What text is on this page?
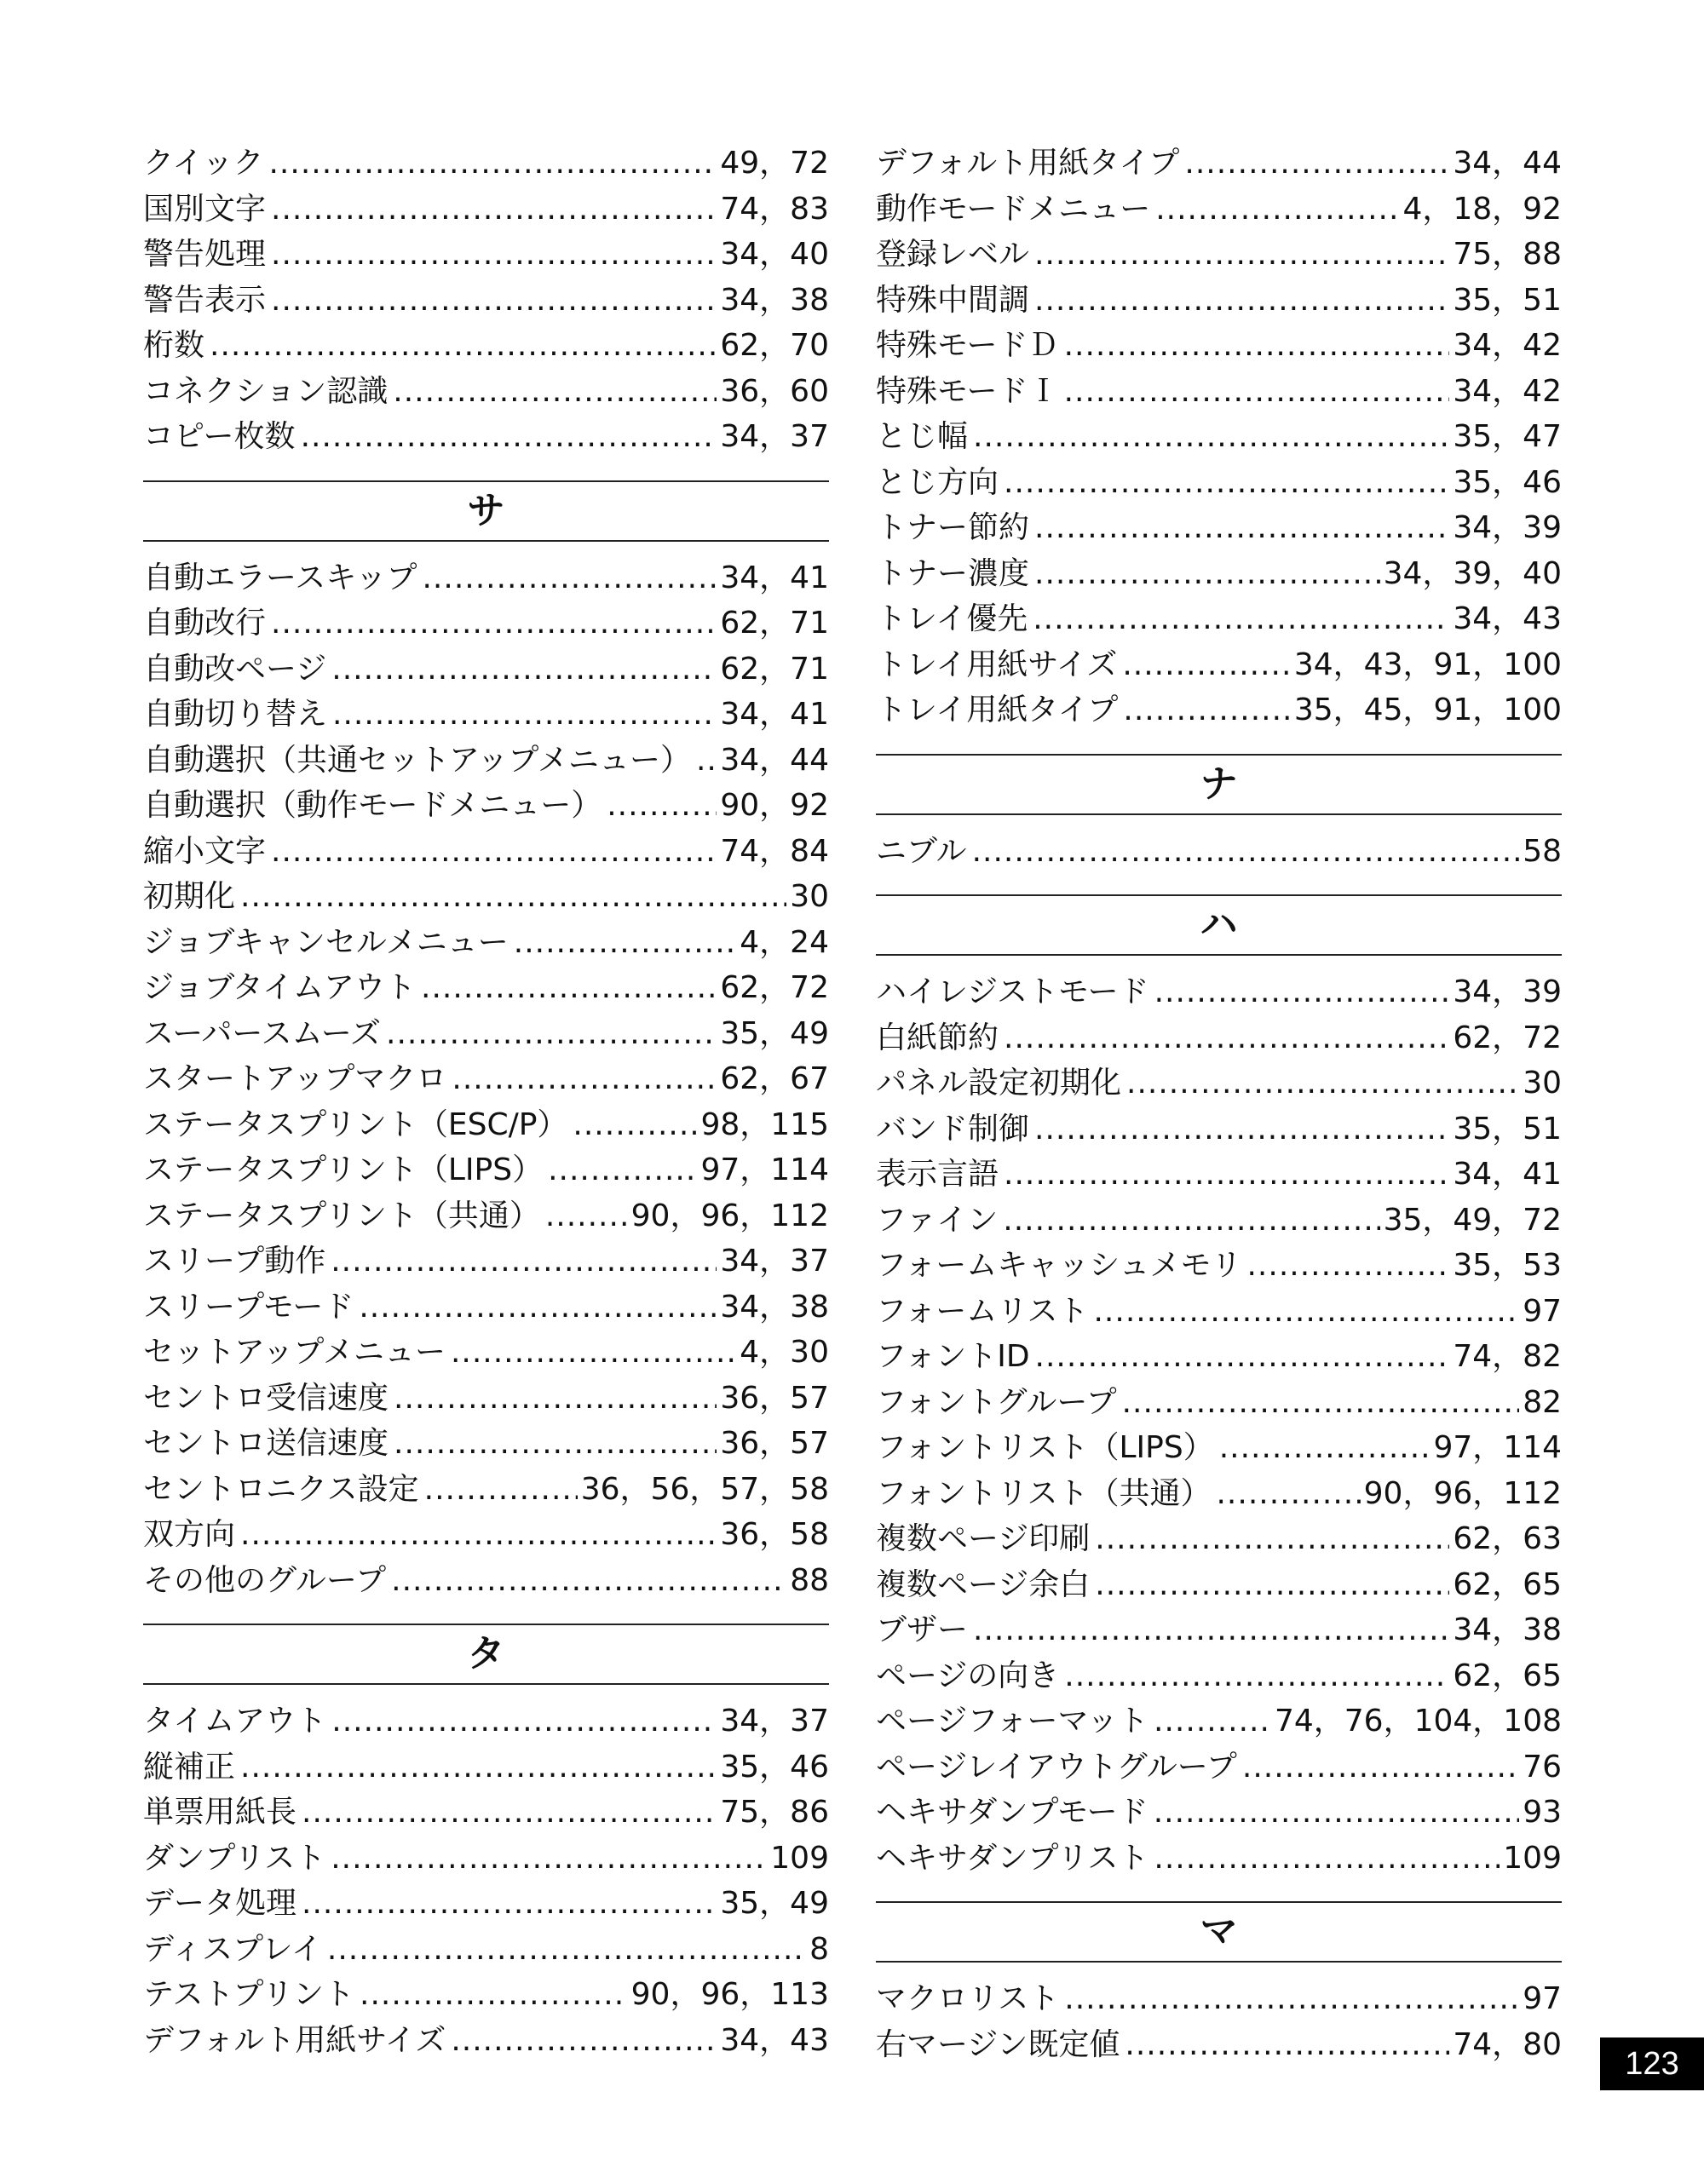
クイック .....	49，72
国別文字 .....	74，83
警告処理 .....	34，40
警告表示 .....	34，38
桁数 .....	62，70
コネクション認識 .....	36，60
コピー枚数 .....	34，37
サ
自動エラースキップ .....	34，41
自動改行 .....	62，71
自動改ページ .....	62，71
自動切り替え .....	34，41
自動選択（共通セットアップメニュー） ..... 34，44
自動選択（動作モードメニュー） .....	90，92
縮小文字 .....	74，84
初期化 .....	30
ジョブキャンセルメニュー .....	4，24
ジョブタイムアウト .....	62，72
スーパースムーズ .....	35，49
スタートアップマクロ .....	62，67
ステータスプリント（ESC/P） .....	98，115
ステータスプリント（LIPS） .....	97，114
ステータスプリント（共通） .....	90，96，112
スリープ動作 .....	34，37
スリープモード .....	34，38
セットアップメニュー .....	4，30
セントロ受信速度 .....	36，57
セントロ送信速度 .....	36，57
セントロニクス設定 .....	36，56，57，58
双方向 .....	36，58
その他のグループ .....	88
タ
タイムアウト .....	34，37
縦補正 .....	35，46
単票用紙長 .....	75，86
ダンプリスト .....	109
データ処理 .....	35，49
ディスプレイ .....	8
テストプリント .....	90，96，113
デフォルト用紙サイズ .....	34，43
デフォルト用紙タイプ .....	34，44
動作モードメニュー .....	4，18，92
登録レベル .....	75，88
特殊中間調 .....	35，51
特殊モードＤ .....	34，42
特殊モードＩ .....	34，42
とじ幅 .....	35，47
とじ方向 .....	35，46
トナー節約 .....	34，39
トナー濃度 .....	34，39，40
トレイ優先 .....	34，43
トレイ用紙サイズ .....	34，43，91，100
トレイ用紙タイプ .....	35，45，91，100
ナ
ニブル .....	58
ハ
ハイレジストモード .....	34，39
白紙節約 .....	62，72
パネル設定初期化 .....	30
バンド制御 .....	35，51
表示言語 .....	34，41
ファイン .....	35，49，72
フォームキャッシュメモリ .....	35，53
フォームリスト .....	97
フォントID .....	74，82
フォントグループ .....	82
フォントリスト（LIPS） .....	97，114
フォントリスト（共通） .....	90，96，112
複数ページ印刷 .....	62，63
複数ページ余白 .....	62，65
ブザー .....	34，38
ページの向き .....	62，65
ページフォーマット .....	74，76，104，108
ページレイアウトグループ .....	76
ヘキサダンプモード .....	93
ヘキサダンプリスト .....	109
マ
マクロリスト .....	97
右マージン既定値 .....	74，80
123
